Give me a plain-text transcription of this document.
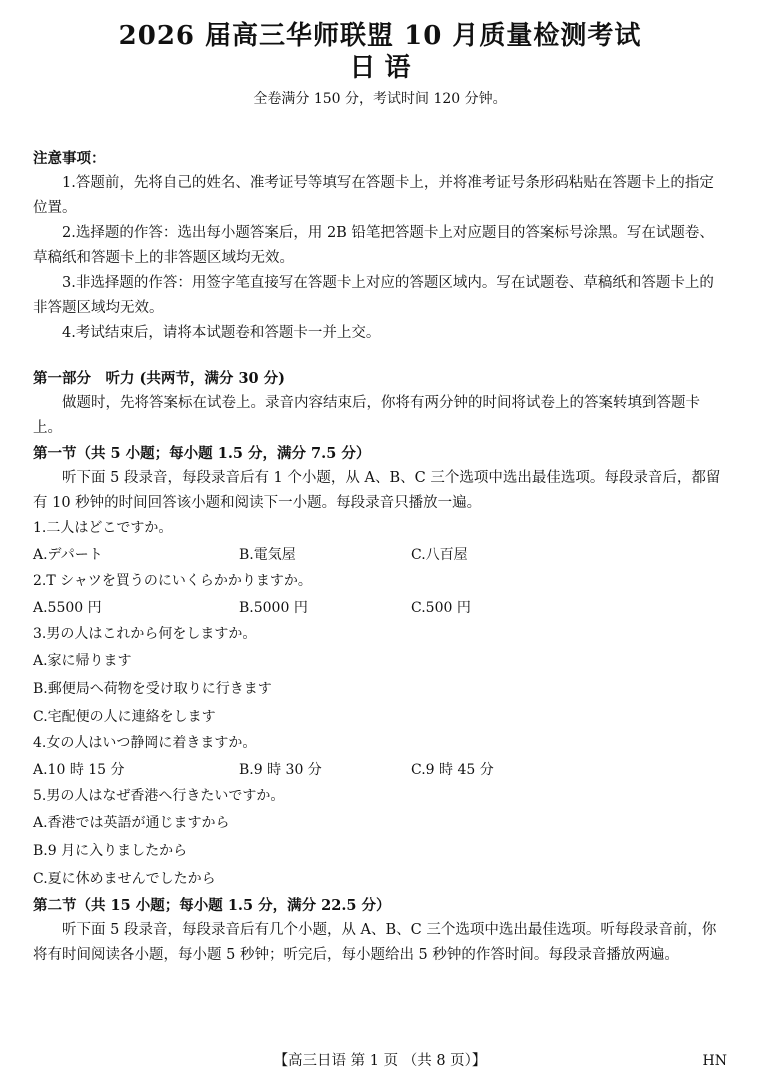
2026 届高三华师联盟 10 月质量检测考试
日 语
全卷满分 150 分，考试时间 120 分钟。

注意事项：

1.答题前，先将自己的姓名、准考证号等填写在答题卡上，并将准考证号条形码粘贴在答题卡上的指定位置。

2.选择题的作答：选出每小题答案后，用 2B 铅笔把答题卡上对应题目的答案标号涂黑。写在试题卷、草稿纸和答题卡上的非答题区域均无效。

3.非选择题的作答：用签字笔直接写在答题卡上对应的答题区域内。写在试题卷、草稿纸和答题卡上的非答题区域均无效。

4.考试结束后，请将本试题卷和答题卡一并上交。

第一部分　听力 (共两节，满分 30 分)

做题时，先将答案标在试卷上。录音内容结束后，你将有两分钟的时间将试卷上的答案转填到答题卡上。

第一节（共 5 小题；每小题 1.5 分，满分 7.5 分）

听下面 5 段录音，每段录音后有 1 个小题，从 A、B、C 三个选项中选出最佳选项。每段录音后，都留有 10 秒钟的时间回答该小题和阅读下一小题。每段录音只播放一遍。

1.二人はどこですか。

A.デパート	B.電気屋	C.八百屋

2.T シャツを買うのにいくらかかりますか。

A.5500 円	B.5000 円	C.500 円

3.男の人はこれから何をしますか。

A.家に帰ります

B.郵便局へ荷物を受け取りに行きます

C.宅配便の人に連絡をします

4.女の人はいつ静岡に着きますか。

A.10 時 15 分	B.9 時 30 分	C.9 時 45 分

5.男の人はなぜ香港へ行きたいですか。

A.香港では英語が通じますから

B.9 月に入りましたから

C.夏に休めませんでしたから

第二节（共 15 小题；每小题 1.5 分，满分 22.5 分）

听下面 5 段录音，每段录音后有几个小题，从 A、B、C 三个选项中选出最佳选项。听每段录音前，你将有时间阅读各小题，每小题 5 秒钟；听完后，每小题给出 5 秒钟的作答时间。每段录音播放两遍。

【高三日语 第 1 页 （共 8 页）】	HN
